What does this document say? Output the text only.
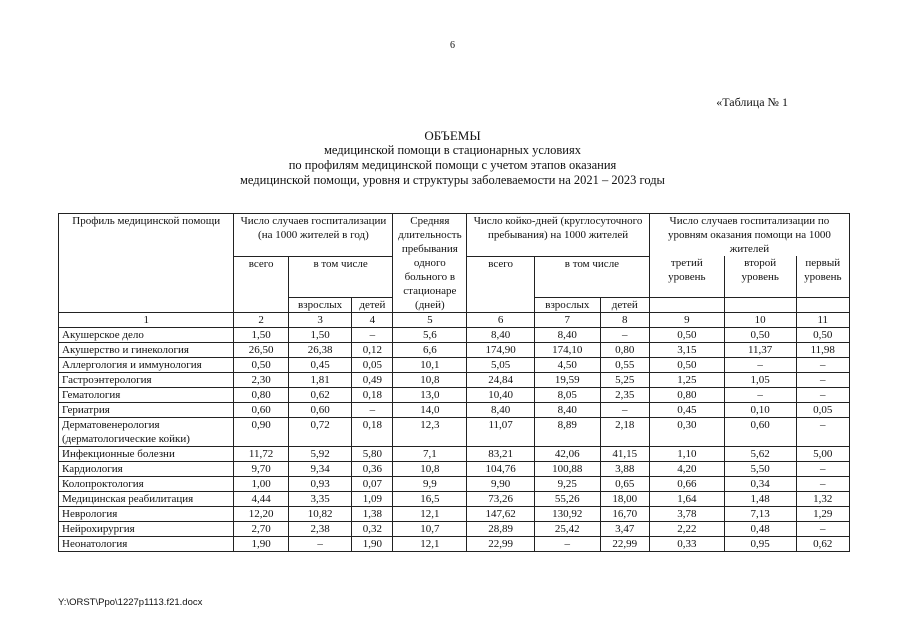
6
«Таблица № 1
ОБЪЕМЫ
медицинской помощи в стационарных условиях
по профилям медицинской помощи с учетом этапов оказания
медицинской помощи, уровня и структуры заболеваемости на 2021 – 2023 годы
Профиль медицинской помощи	Число случаев госпитализации (на 1000 жителей в год)			Средняя длительность пребывания одного больного в стационаре (дней)	Число койко-дней (круглосуточного пребывания) на 1000 жителей			Число случаев госпитализации по уровням оказания помощи на 1000 жителей		
	всего	в том числе			всего	в том числе		третий уровень	второй уровень	первый уровень
		взрослых	детей			взрослых	детей			
1	2	3	4	5	6	7	8	9	10	11
Акушерское дело	1,50	1,50	–	5,6	8,40	8,40	–	0,50	0,50	0,50
Акушерство и гинекология	26,50	26,38	0,12	6,6	174,90	174,10	0,80	3,15	11,37	11,98
Аллергология и иммунология	0,50	0,45	0,05	10,1	5,05	4,50	0,55	0,50	–	–
Гастроэнтерология	2,30	1,81	0,49	10,8	24,84	19,59	5,25	1,25	1,05	–
Гематология	0,80	0,62	0,18	13,0	10,40	8,05	2,35	0,80	–	–
Гериатрия	0,60	0,60	–	14,0	8,40	8,40	–	0,45	0,10	0,05
Дерматовенерология (дерматологические койки)	0,90	0,72	0,18	12,3	11,07	8,89	2,18	0,30	0,60	–
Инфекционные болезни	11,72	5,92	5,80	7,1	83,21	42,06	41,15	1,10	5,62	5,00
Кардиология	9,70	9,34	0,36	10,8	104,76	100,88	3,88	4,20	5,50	–
Колопроктология	1,00	0,93	0,07	9,9	9,90	9,25	0,65	0,66	0,34	–
Медицинская реабилитация	4,44	3,35	1,09	16,5	73,26	55,26	18,00	1,64	1,48	1,32
Неврология	12,20	10,82	1,38	12,1	147,62	130,92	16,70	3,78	7,13	1,29
Нейрохирургия	2,70	2,38	0,32	10,7	28,89	25,42	3,47	2,22	0,48	–
Неонатология	1,90	–	1,90	12,1	22,99	–	22,99	0,33	0,95	0,62
Y:\ORST\Ppo\1227p1113.f21.docx
